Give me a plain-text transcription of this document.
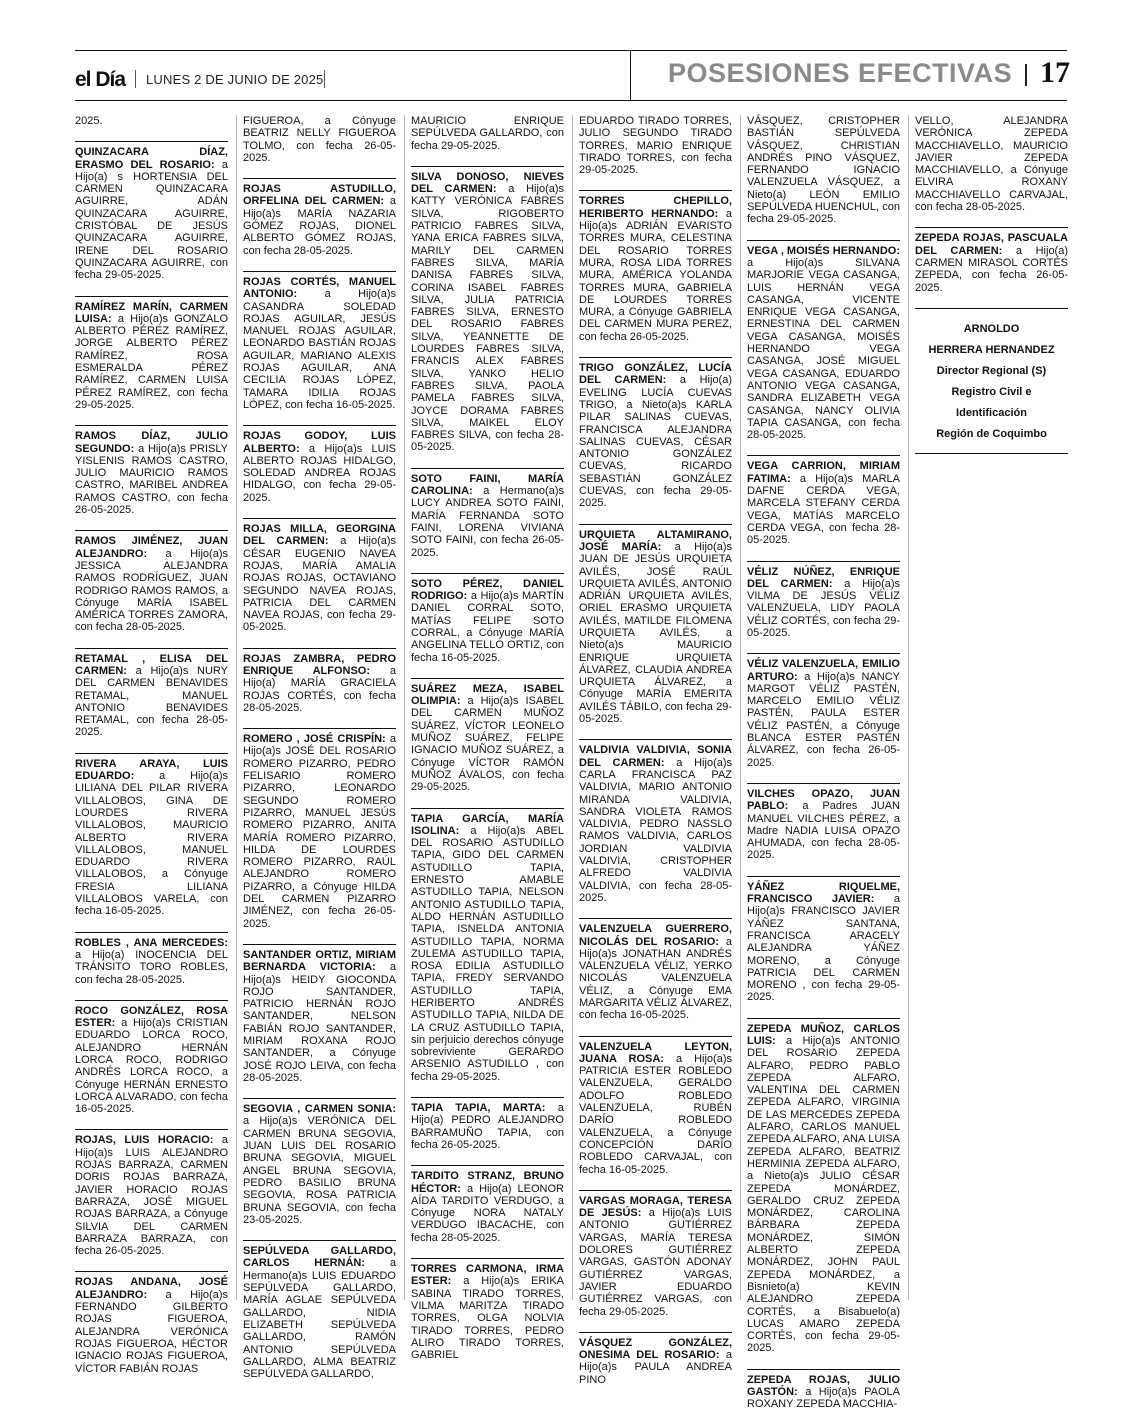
el Día LUNES 2 DE JUNIO DE 2025	POSESIONES EFECTIVAS 17
2025.
QUINZACARA DÍAZ, ERASMO DEL ROSARIO: a Hijo(a) s HORTENSIA DEL CARMEN QUINZACARA AGUIRRE, ADÁN QUINZACARA AGUIRRE, CRISTÓBAL DE JESÚS QUINZACARA AGUIRRE, IRENE DEL ROSARIO QUINZACARA AGUIRRE, con fecha 29-05-2025.
RAMÍREZ MARÍN, CARMEN LUISA: a Hijo(a)s GONZALO ALBERTO PÉREZ RAMÍREZ, JORGE ALBERTO PÉREZ RAMÍREZ, ROSA ESMERALDA PÉREZ RAMÍREZ, CARMEN LUISA PÉREZ RAMÍREZ, con fecha 29-05-2025.
RAMOS DÍAZ, JULIO SEGUNDO: a Hijo(a)s PRISLY YISLENIS RAMOS CASTRO, JULIO MAURICIO RAMOS CASTRO, MARIBEL ANDREA RAMOS CASTRO, con fecha 26-05-2025.
RAMOS JIMÉNEZ, JUAN ALEJANDRO: a Hijo(a)s JESSICA ALEJANDRA RAMOS RODRÍGUEZ, JUAN RODRIGO RAMOS RAMOS, a Cónyuge MARÍA ISABEL AMÉRICA TORRES ZAMORA, con fecha 28-05-2025.
RETAMAL , ELISA DEL CARMEN: a Hijo(a)s NURY DEL CARMEN BENAVIDES RETAMAL, MANUEL ANTONIO BENAVIDES RETAMAL, con fecha 28-05-2025.
RIVERA ARAYA, LUIS EDUARDO: a Hijo(a)s LILIANA DEL PILAR RIVERA VILLALOBOS, GINA DE LOURDES RIVERA VILLALOBOS, MAURICIO ALBERTO RIVERA VILLALOBOS, MANUEL EDUARDO RIVERA VILLALOBOS, a Cónyuge FRESIA LILIANA VILLALOBOS VARELA, con fecha 16-05-2025.
ROBLES , ANA MERCEDES: a Hijo(a) INOCENCIA DEL TRÁNSITO TORO ROBLES, con fecha 28-05-2025.
ROCO GONZÁLEZ, ROSA ESTER: a Hijo(a)s CRISTIAN EDUARDO LORCA ROCO, ALEJANDRO HERNÁN LORCA ROCO, RODRIGO ANDRÉS LORCA ROCO, a Cónyuge HERNÁN ERNESTO LORCA ALVARADO, con fecha 16-05-2025.
ROJAS, LUIS HORACIO: a Hijo(a)s LUIS ALEJANDRO ROJAS BARRAZA, CARMEN DORIS ROJAS BARRAZA, JAVIER HORACIO ROJAS BARRAZA, JOSÉ MIGUEL ROJAS BARRAZA, a Cónyuge SILVIA DEL CARMEN BARRAZA BARRAZA, con fecha 26-05-2025.
ROJAS ANDANA, JOSÉ ALEJANDRO: a Hijo(a)s FERNANDO GILBERTO ROJAS FIGUEROA, ALEJANDRA VERÓNICA ROJAS FIGUEROA, HÉCTOR IGNACIO ROJAS FIGUEROA, VÍCTOR FABIÁN ROJAS
FIGUEROA, a Cónyuge BEATRIZ NELLY FIGUEROA TOLMO, con fecha 26-05-2025.
ROJAS ASTUDILLO, ORFELINA DEL CARMEN: a Hijo(a)s MARÍA NAZARIA GÓMEZ ROJAS, DIONEL ALBERTO GÓMEZ ROJAS, con fecha 28-05-2025.
ROJAS CORTÉS, MANUEL ANTONIO: a Hijo(a)s CASANDRA SOLEDAD ROJAS AGUILAR, JESÚS MANUEL ROJAS AGUILAR, LEONARDO BASTIÁN ROJAS AGUILAR, MARIANO ALEXIS ROJAS AGUILAR, ANA CECILIA ROJAS LÓPEZ, TAMARA IDILIA ROJAS LÓPEZ, con fecha 16-05-2025.
ROJAS GODOY, LUIS ALBERTO: a Hijo(a)s LUIS ALBERTO ROJAS HIDALGO, SOLEDAD ANDREA ROJAS HIDALGO, con fecha 29-05-2025.
ROJAS MILLA, GEORGINA DEL CARMEN: a Hijo(a)s CÉSAR EUGENIO NAVEA ROJAS, MARÍA AMALIA ROJAS ROJAS, OCTAVIANO SEGUNDO NAVEA ROJAS, PATRICIA DEL CARMEN NAVEA ROJAS, con fecha 29-05-2025.
ROJAS ZAMBRA, PEDRO ENRIQUE ALFONSO: a Hijo(a) MARÍA GRACIELA ROJAS CORTÉS, con fecha 28-05-2025.
ROMERO , JOSÉ CRISPÍN: a Hijo(a)s JOSÉ DEL ROSARIO ROMERO PIZARRO, PEDRO FELISARIO ROMERO PIZARRO, LEONARDO SEGUNDO ROMERO PIZARRO, MANUEL JESÚS ROMERO PIZARRO, ANITA MARÍA ROMERO PIZARRO, HILDA DE LOURDES ROMERO PIZARRO, RAÚL ALEJANDRO ROMERO PIZARRO, a Cónyuge HILDA DEL CARMEN PIZARRO JIMÉNEZ, con fecha 26-05-2025.
SANTANDER ORTIZ, MIRIAM BERNARDA VICTORIA: a Hijo(a)s HEIDY GIOCONDA ROJO SANTANDER, PATRICIO HERNÁN ROJO SANTANDER, NELSON FABIÁN ROJO SANTANDER, MIRIAM ROXANA ROJO SANTANDER, a Cónyuge JOSÉ ROJO LEIVA, con fecha 28-05-2025.
SEGOVIA , CARMEN SONIA: a Hijo(a)s VERÓNICA DEL CARMEN BRUNA SEGOVIA, JUAN LUIS DEL ROSARIO BRUNA SEGOVIA, MIGUEL ANGEL BRUNA SEGOVIA, PEDRO BASILIO BRUNA SEGOVIA, ROSA PATRICIA BRUNA SEGOVIA, con fecha 23-05-2025.
SEPÚLVEDA GALLARDO, CARLOS HERNÁN: a Hermano(a)s LUIS EDUARDO SEPÚLVEDA GALLARDO, MARÍA AGLAE SEPÚLVEDA GALLARDO, NIDIA ELIZABETH SEPÚLVEDA GALLARDO, RAMÓN ANTONIO SEPÚLVEDA GALLARDO, ALMA BEATRIZ SEPÚLVEDA GALLARDO,
MAURICIO ENRIQUE SEPÚLVEDA GALLARDO, con fecha 29-05-2025.
SILVA DONOSO, NIEVES DEL CARMEN: a Hijo(a)s KATTY VERÓNICA FABRES SILVA, RIGOBERTO PATRICIO FABRES SILVA, YANA ERICA FABRES SILVA, MARILY DEL CARMEN FABRES SILVA, MARÍA DANISA FABRES SILVA, CORINA ISABEL FABRES SILVA, JULIA PATRICIA FABRES SILVA, ERNESTO DEL ROSARIO FABRES SILVA, YEANNETTE DE LOURDES FABRES SILVA, FRANCIS ALEX FABRES SILVA, YANKO HELIO FABRES SILVA, PAOLA PAMELA FABRES SILVA, JOYCE DORAMA FABRES SILVA, MAIKEL ELOY FABRES SILVA, con fecha 28-05-2025.
SOTO FAINI, MARÍA CAROLINA: a Hermano(a)s LUCY ANDREA SOTO FAINI, MARÍA FERNANDA SOTO FAINI, LORENA VIVIANA SOTO FAINI, con fecha 26-05-2025.
SOTO PÉREZ, DANIEL RODRIGO: a Hijo(a)s MARTÍN DANIEL CORRAL SOTO, MATÍAS FELIPE SOTO CORRAL, a Cónyuge MARÍA ANGELINA TELLO ORTIZ, con fecha 16-05-2025.
SUÁREZ MEZA, ISABEL OLIMPIA: a Hijo(a)s ISABEL DEL CARMEN MUÑOZ SUÁREZ, VÍCTOR LEONELO MUÑOZ SUÁREZ, FELIPE IGNACIO MUÑOZ SUÁREZ, a Cónyuge VÍCTOR RAMÓN MUÑOZ ÁVALOS, con fecha 29-05-2025.
TAPIA GARCÍA, MARÍA ISOLINA: a Hijo(a)s ABEL DEL ROSARIO ASTUDILLO TAPIA, GIDO DEL CARMEN ASTUDILLO TAPIA, ERNESTO AMABLE ASTUDILLO TAPIA, NELSON ANTONIO ASTUDILLO TAPIA, ALDO HERNÁN ASTUDILLO TAPIA, ISNELDA ANTONIA ASTUDILLO TAPIA, NORMA ZULEMA ASTUDILLO TAPIA, ROSA EDILIA ASTUDILLO TAPIA, FREDY SERVANDO ASTUDILLO TAPIA, HERIBERTO ANDRÉS ASTUDILLO TAPIA, NILDA DE LA CRUZ ASTUDILLO TAPIA, sin perjuicio derechos cónyuge sobreviviente GERARDO ARSENIO ASTUDILLO , con fecha 29-05-2025.
TAPIA TAPIA, MARTA: a Hijo(a) PEDRO ALEJANDRO BARRAMUÑO TAPIA, con fecha 26-05-2025.
TARDITO STRANZ, BRUNO HÉCTOR: a Hijo(a) LEONOR AÍDA TARDITO VERDUGO, a Cónyuge NORA NATALY VERDUGO IBACACHE, con fecha 28-05-2025.
TORRES CARMONA, IRMA ESTER: a Hijo(a)s ERIKA SABINA TIRADO TORRES, VILMA MARITZA TIRADO TORRES, OLGA NOLVIA TIRADO TORRES, PEDRO ALIRO TIRADO TORRES, GABRIEL
EDUARDO TIRADO TORRES, JULIO SEGUNDO TIRADO TORRES, MARIO ENRIQUE TIRADO TORRES, con fecha 29-05-2025.
TORRES CHEPILLO, HERIBERTO HERNANDO: a Hijo(a)s ADRIÁN EVARISTO TORRES MURA, CELESTINA DEL ROSARIO TORRES MURA, ROSA LIDA TORRES MURA, AMÉRICA YOLANDA TORRES MURA, GABRIELA DE LOURDES TORRES MURA, a Cónyuge GABRIELA DEL CARMEN MURA PEREZ, con fecha 26-05-2025.
TRIGO GONZÁLEZ, LUCÍA DEL CARMEN: a Hijo(a) EVELING LUCÍA CUEVAS TRIGO, a Nieto(a)s KARLA PILAR SALINAS CUEVAS, FRANCISCA ALEJANDRA SALINAS CUEVAS, CÉSAR ANTONIO GONZÁLEZ CUEVAS, RICARDO SEBASTIÁN GONZÁLEZ CUEVAS, con fecha 29-05-2025.
URQUIETA ALTAMIRANO, JOSÉ MARÍA: a Hijo(a)s JUAN DE JESÚS URQUIETA AVILÉS, JOSÉ RAÚL URQUIETA AVILÉS, ANTONIO ADRIÁN URQUIETA AVILÉS, ORIEL ERASMO URQUIETA AVILÉS, MATILDE FILOMENA URQUIETA AVILÉS, a Nieto(a)s MAURICIO ENRIQUE URQUIETA ÁLVAREZ, CLAUDIA ANDREA URQUIETA ÁLVAREZ, a Cónyuge MARÍA EMERITA AVILÉS TÁBILO, con fecha 29-05-2025.
VALDIVIA VALDIVIA, SONIA DEL CARMEN: a Hijo(a)s CARLA FRANCISCA PAZ VALDIVIA, MARIO ANTONIO MIRANDA VALDIVIA, SANDRA VIOLETA RAMOS VALDIVIA, PEDRO NASSLO RAMOS VALDIVIA, CARLOS JORDIAN VALDIVIA VALDIVIA, CRISTOPHER ALFREDO VALDIVIA VALDIVIA, con fecha 28-05-2025.
VALENZUELA GUERRERO, NICOLÁS DEL ROSARIO: a Hijo(a)s JONATHAN ANDRÉS VALENZUELA VÉLIZ, YERKO NICOLÁS VALENZUELA VÉLIZ, a Cónyuge EMA MARGARITA VÉLIZ ÁLVAREZ, con fecha 16-05-2025.
VALENZUELA LEYTON, JUANA ROSA: a Hijo(a)s PATRICIA ESTER ROBLEDO VALENZUELA, GERALDO ADOLFO ROBLEDO VALENZUELA, RUBÉN DARÍO ROBLEDO VALENZUELA, a Cónyuge CONCEPCIÓN DARÍO ROBLEDO CARVAJAL, con fecha 16-05-2025.
VARGAS MORAGA, TERESA DE JESÚS: a Hijo(a)s LUIS ANTONIO GUTIÉRREZ VARGAS, MARÍA TERESA DOLORES GUTIÉRREZ VARGAS, GASTÓN ADONAY GUTIÉRREZ VARGAS, JAVIER EDUARDO GUTIÉRREZ VARGAS, con fecha 29-05-2025.
VÁSQUEZ GONZÁLEZ, ONESIMA DEL ROSARIO: a Hijo(a)s PAULA ANDREA PINO
VÁSQUEZ, CRISTOPHER BASTIÁN SEPÚLVEDA VÁSQUEZ, CHRISTIAN ANDRÉS PINO VÁSQUEZ, FERNANDO IGNACIO VALENZUELA VÁSQUEZ, a Nieto(a) LEÓN EMILIO SEPÚLVEDA HUENCHUL, con fecha 29-05-2025.
VEGA , MOISÉS HERNANDO: a Hijo(a)s SILVANA MARJORIE VEGA CASANGA, LUIS HERNÁN VEGA CASANGA, VICENTE ENRIQUE VEGA CASANGA, ERNESTINA DEL CARMEN VEGA CASANGA, MOISÉS HERNANDO VEGA CASANGA, JOSÉ MIGUEL VEGA CASANGA, EDUARDO ANTONIO VEGA CASANGA, SANDRA ELIZABETH VEGA CASANGA, NANCY OLIVIA TAPIA CASANGA, con fecha 28-05-2025.
VEGA CARRION, MIRIAM FATIMA: a Hijo(a)s MARLA DAFNE CERDA VEGA, MARCELA STEFANY CERDA VEGA, MATÍAS MARCELO CERDA VEGA, con fecha 28-05-2025.
VÉLIZ NÚÑEZ, ENRIQUE DEL CARMEN: a Hijo(a)s VILMA DE JESÚS VÉLIZ VALENZUELA, LIDY PAOLA VÉLIZ CORTÉS, con fecha 29-05-2025.
VÉLIZ VALENZUELA, EMILIO ARTURO: a Hijo(a)s NANCY MARGOT VÉLIZ PASTÉN, MARCELO EMILIO VÉLIZ PASTÉN, PAULA ESTER VÉLIZ PASTÉN, a Cónyuge BLANCA ESTER PASTÉN ÁLVAREZ, con fecha 26-05-2025.
VILCHES OPAZO, JUAN PABLO: a Padres JUAN MANUEL VILCHES PÉREZ, a Madre NADIA LUISA OPAZO AHUMADA, con fecha 28-05-2025.
YÁÑEZ RIQUELME, FRANCISCO JAVIER: a Hijo(a)s FRANCISCO JAVIER YÁÑEZ SANTANA, FRANCISCA ARACELY ALEJANDRA YÁÑEZ MORENO, a Cónyuge PATRICIA DEL CARMEN MORENO , con fecha 29-05-2025.
ZEPEDA MUÑOZ, CARLOS LUIS: a Hijo(a)s ANTONIO DEL ROSARIO ZEPEDA ALFARO, PEDRO PABLO ZEPEDA ALFARO, VALENTINA DEL CARMEN ZEPEDA ALFARO, VIRGINIA DE LAS MERCEDES ZEPEDA ALFARO, CARLOS MANUEL ZEPEDA ALFARO, ANA LUISA ZEPEDA ALFARO, BEATRIZ HERMINIA ZEPEDA ALFARO, a Nieto(a)s JULIO CÉSAR ZEPEDA MONÁRDEZ, GERALDO CRUZ ZEPEDA MONÁRDEZ, CAROLINA BÁRBARA ZEPEDA MONÁRDEZ, SIMÓN ALBERTO ZEPEDA MONÁRDEZ, JOHN PAUL ZEPEDA MONÁRDEZ, a Bisnieto(a) KEVIN ALEJANDRO ZEPEDA CORTÉS, a Bisabuelo(a) LUCAS AMARO ZEPEDA CORTÉS, con fecha 29-05-2025.
ZEPEDA ROJAS, JULIO GASTÓN: a Hijo(a)s PAOLA ROXANY ZEPEDA MACCHIA-
VELLO, ALEJANDRA VERÓNICA ZEPEDA MACCHIAVELLO, MAURICIO JAVIER ZEPEDA MACCHIAVELLO, a Cónyuge ELVIRA ROXANY MACCHIAVELLO CARVAJAL, con fecha 28-05-2025.
ZEPEDA ROJAS, PASCUALA DEL CARMEN: a Hijo(a) CARMEN MIRASOL CORTÉS ZEPEDA, con fecha 26-05-2025.
ARNOLDO
HERRERA HERNANDEZ
Director Regional (S)
Registro Civil e Identificación
Región de Coquimbo
